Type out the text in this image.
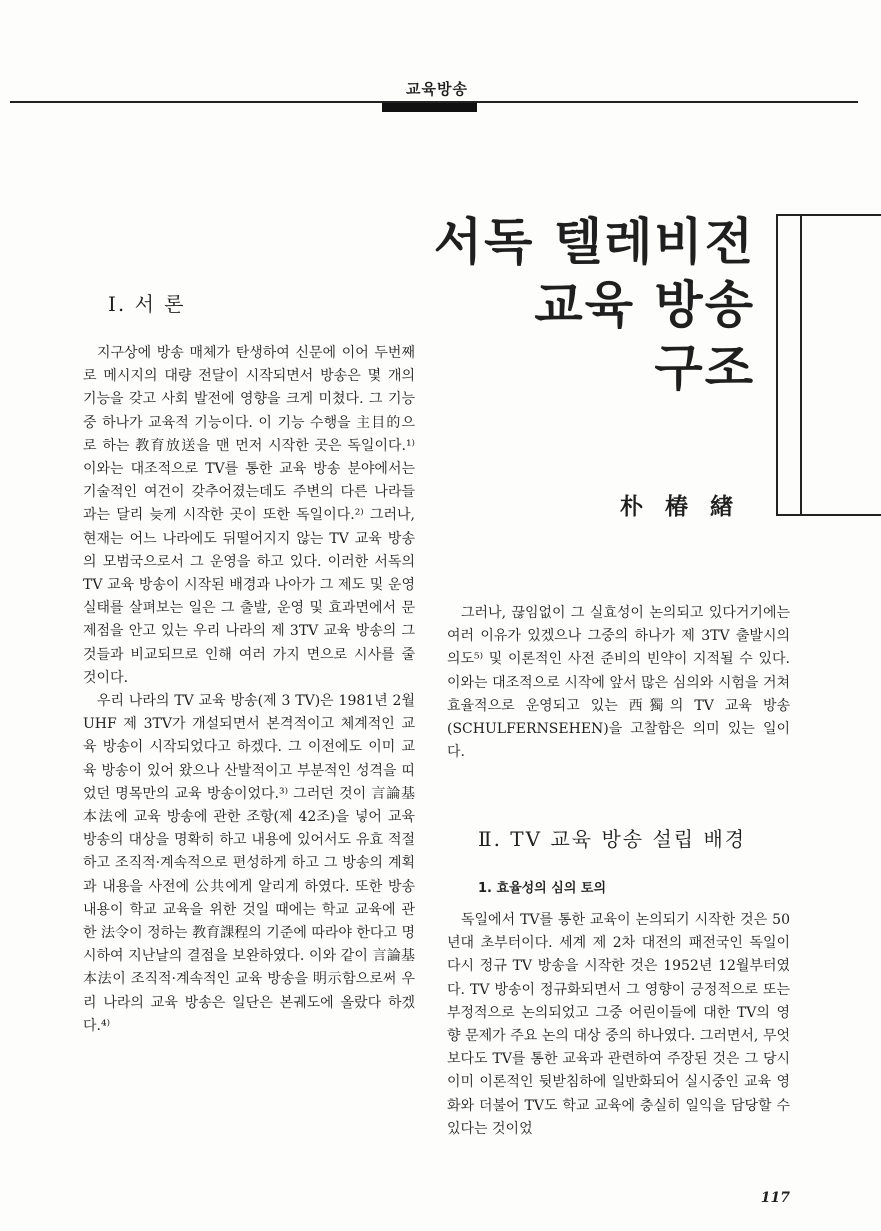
교육방송
서독 텔레비전
교육 방송
구조
朴椿緖
Ⅰ. 서 론

지구상에 방송 매체가 탄생하여 신문에 이어 두번째로 메시지의 대량 전달이 시작되면서 방송은 몇 개의 기능을 갖고 사회 발전에 영향을 크게 미쳤다. 그 기능 중 하나가 교육적 기능이다. 이 기능 수행을 主目的으로 하는 教育放送을 맨 먼저 시작한 곳은 독일이다.¹⁾ 이와는 대조적으로 TV를 통한 교육 방송 분야에서는 기술적인 여건이 갖추어졌는데도 주변의 다른 나라들과는 달리 늦게 시작한 곳이 또한 독일이다.²⁾ 그러나, 현재는 어느 나라에도 뒤떨어지지 않는 TV 교육 방송의 모범국으로서 그 운영을 하고 있다. 이러한 서독의 TV 교육 방송이 시작된 배경과 나아가 그 제도 및 운영 실태를 살펴보는 일은 그 출발, 운영 및 효과면에서 문제점을 안고 있는 우리 나라의 제 3TV 교육 방송의 그것들과 비교되므로 인해 여러 가지 면으로 시사를 줄 것이다.

우리 나라의 TV 교육 방송(제 3 TV)은 1981년 2월 UHF 제 3TV가 개설되면서 본격적이고 체계적인 교육 방송이 시작되었다고 하겠다. 그 이전에도 이미 교육 방송이 있어 왔으나 산발적이고 부분적인 성격을 띠었던 명목만의 교육 방송이었다.³⁾ 그러던 것이 言論基本法에 교육 방송에 관한 조항(제 42조)을 넣어 교육 방송의 대상을 명확히 하고 내용에 있어서도 유효 적절하고 조직적·계속적으로 편성하게 하고 그 방송의 계획과 내용을 사전에 公共에게 알리게 하였다. 또한 방송 내용이 학교 교육을 위한 것일 때에는 학교 교육에 관한 法令이 정하는 教育課程의 기준에 따라야 한다고 명시하여 지난날의 결점을 보완하였다. 이와 같이 言論基本法이 조직적·계속적인 교육 방송을 明示함으로써 우리 나라의 교육 방송은 일단은 본궤도에 올랐다 하겠다.⁴⁾

그러나, 끊임없이 그 실효성이 논의되고 있다거기에는 여러 이유가 있겠으나 그중의 하나가 제 3TV 출발시의 의도⁵⁾ 및 이론적인 사전 준비의 빈약이 지적될 수 있다. 이와는 대조적으로 시작에 앞서 많은 심의와 시험을 거쳐 효율적으로 운영되고 있는 西獨의 TV 교육 방송(SCHULFERNSEHEN)을 고찰함은 의미 있는 일이다.

Ⅱ. TV 교육 방송 설립 배경
1. 효율성의 심의 토의

독일에서 TV를 통한 교육이 논의되기 시작한 것은 50년대 초부터이다. 세계 제 2차 대전의 패전국인 독일이 다시 정규 TV 방송을 시작한 것은 1952년 12월부터였다. TV 방송이 정규화되면서 그 영향이 긍정적으로 또는 부정적으로 논의되었고 그중 어린이들에 대한 TV의 영향 문제가 주요 논의 대상 중의 하나였다. 그러면서, 무엇보다도 TV를 통한 교육과 관련하여 주장된 것은 그 당시 이미 이론적인 뒷받침하에 일반화되어 실시중인 교육 영화와 더불어 TV도 학교 교육에 충실히 일익을 담당할 수 있다는 것이었

117
